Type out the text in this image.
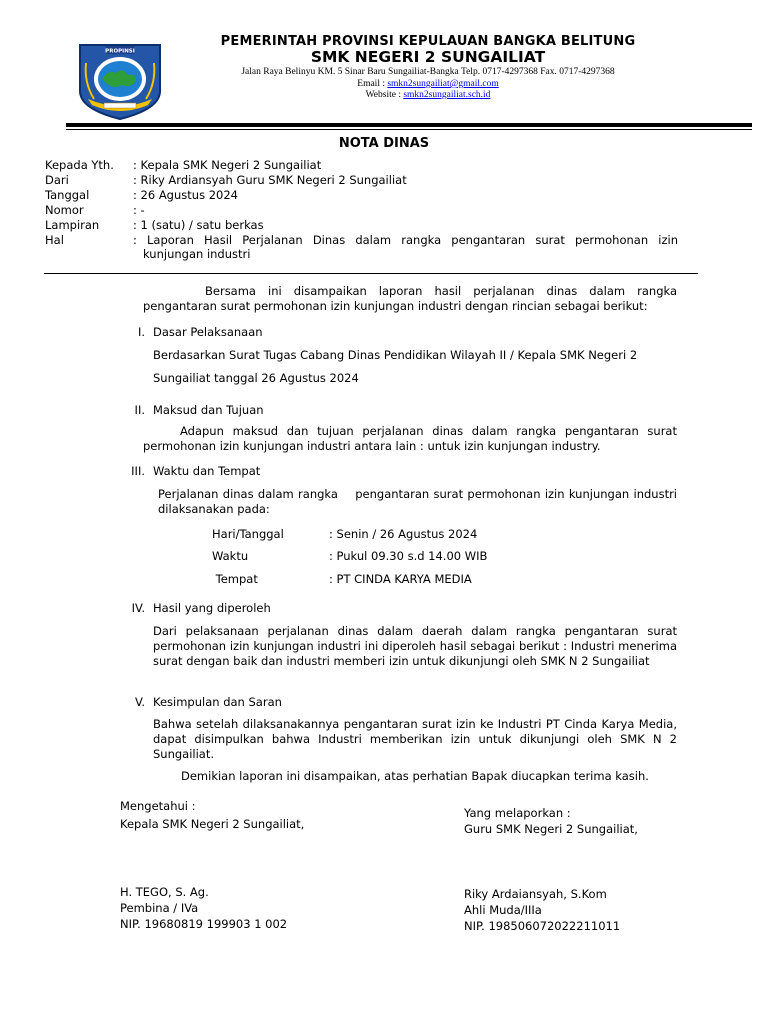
PROPINSI
PEMERINTAH PROVINSI KEPULAUAN BANGKA BELITUNG
SMK NEGERI 2 SUNGAILIAT
Jalan Raya Belinyu KM. 5 Sinar Baru Sungailiat-Bangka Telp. 0717-4297368 Fax. 0717-4297368
Email : smkn2sungailiat@gmail.com
Website : smkn2sungailiat.sch.id
NOTA DINAS
Kepada Yth. : Kepala SMK Negeri 2 Sungailiat
Dari	: Riky Ardiansyah Guru SMK Negeri 2 Sungailiat
Tanggal	: 26 Agustus 2024
Nomor	: -
Lampiran	: 1 (satu) / satu berkas
Hal	: Laporan Hasil Perjalanan Dinas dalam rangka pengantaran surat permohonan izin
kunjungan industri
Bersama ini disampaikan laporan hasil perjalanan dinas dalam rangka pengantaran surat permohonan izin kunjungan industri dengan rincian sebagai berikut:
I. Dasar Pelaksanaan
Berdasarkan Surat Tugas Cabang Dinas Pendidikan Wilayah II / Kepala SMK Negeri 2
Sungailiat tanggal 26 Agustus 2024
II. Maksud dan Tujuan
Adapun maksud dan tujuan perjalanan dinas dalam rangka pengantaran surat permohonan izin kunjungan industri antara lain : untuk izin kunjungan industry.
III. Waktu dan Tempat
Perjalanan dinas dalam rangka    pengantaran surat permohonan izin kunjungan industri dilaksanakan pada:
Hari/Tanggal	: Senin / 26 Agustus 2024
Waktu	: Pukul 09.30 s.d 14.00 WIB
Tempat	: PT CINDA KARYA MEDIA
IV. Hasil yang diperoleh
Dari pelaksanaan perjalanan dinas dalam daerah dalam rangka pengantaran surat permohonan izin kunjungan industri ini diperoleh hasil sebagai berikut : Industri menerima surat dengan baik dan industri memberi izin untuk dikunjungi oleh SMK N 2 Sungailiat
V. Kesimpulan dan Saran
Bahwa setelah dilaksanakannya pengantaran surat izin ke Industri PT Cinda Karya Media, dapat disimpulkan bahwa Industri memberikan izin untuk dikunjungi oleh SMK N 2 Sungailiat.
Demikian laporan ini disampaikan, atas perhatian Bapak diucapkan terima kasih.
Mengetahui :
Kepala SMK Negeri 2 Sungailiat,
H. TEGO, S. Ag.
Pembina / IVa
NIP. 19680819 199903 1 002
Yang melaporkan :
Guru SMK Negeri 2 Sungailiat,
Riky Ardaiansyah, S.Kom
Ahli Muda/IIIa
NIP. 198506072022211011
